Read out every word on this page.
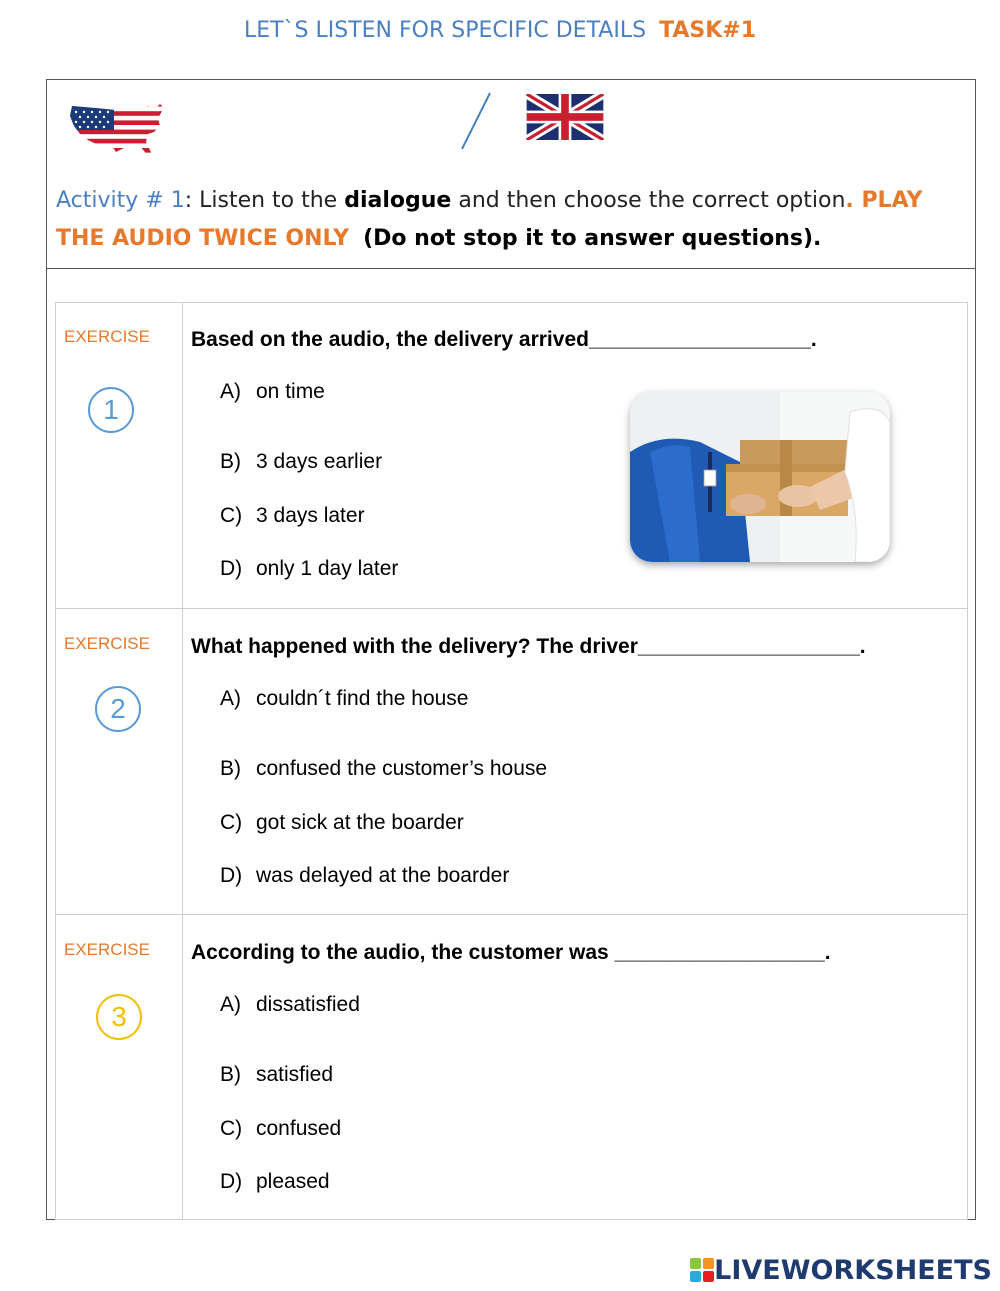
LET`S LISTEN FOR SPECIFIC DETAILS TASK#1
Activity # 1: Listen to the dialogue and then choose the correct option. PLAY THE AUDIO TWICE ONLY (Do not stop it to answer questions).
EXERCISE
1
Based on the audio, the delivery arrived___________________.
A) on time
B) 3 days earlier
C) 3 days later
D) only 1 day later
EXERCISE
2
What happened with the delivery? The driver___________________.
A) couldn´t find the house
B) confused the customer’s house
C) got sick at the boarder
D) was delayed at the boarder
EXERCISE
3
According to the audio, the customer was __________________.
A) dissatisfied
B) satisfied
C) confused
D) pleased
LIVEWORKSHEETS
